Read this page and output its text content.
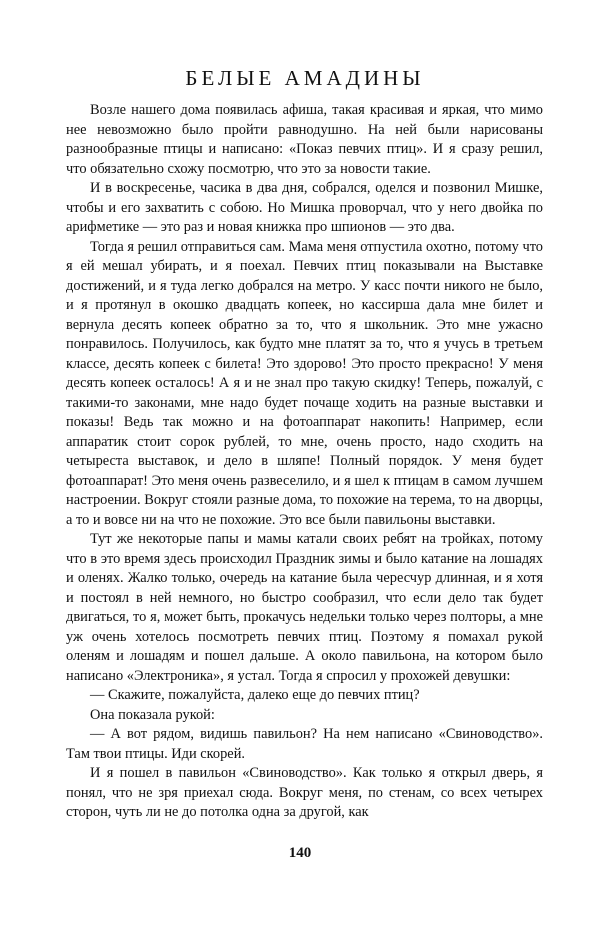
БЕЛЫЕ АМАДИНЫ

Возле нашего дома появилась афиша, такая красивая и яркая, что мимо нее невозможно было пройти равнодушно. На ней были нарисованы разнообразные птицы и написано: «Показ певчих птиц». И я сразу решил, что обязательно схожу посмотрю, что это за новости такие.

И в воскресенье, часика в два дня, собрался, оделся и позвонил Мишке, чтобы и его захватить с собою. Но Мишка проворчал, что у него двойка по арифметике — это раз и новая книжка про шпионов — это два.

Тогда я решил отправиться сам. Мама меня отпустила охотно, потому что я ей мешал убирать, и я поехал. Певчих птиц показывали на Выставке достижений, и я туда легко добрался на метро. У касс почти никого не было, и я протянул в окошко двадцать копеек, но кассирша дала мне билет и вернула десять копеек обратно за то, что я школьник. Это мне ужасно понравилось. Получилось, как будто мне платят за то, что я учусь в третьем классе, десять копеек с билета! Это здорово! Это просто прекрасно! У меня десять копеек осталось! А я и не знал про такую скидку! Теперь, пожалуй, с такими-то законами, мне надо будет почаще ходить на разные выставки и показы! Ведь так можно и на фотоаппарат накопить! Например, если аппаратик стоит сорок рублей, то мне, очень просто, надо сходить на четыреста выставок, и дело в шляпе! Полный порядок. У меня будет фотоаппарат! Это меня очень развеселило, и я шел к птицам в самом лучшем настроении. Вокруг стояли разные дома, то похожие на терема, то на дворцы, а то и вовсе ни на что не похожие. Это все были павильоны выставки.

Тут же некоторые папы и мамы катали своих ребят на тройках, потому что в это время здесь происходил Праздник зимы и было катание на лошадях и оленях. Жалко только, очередь на катание была чересчур длинная, и я хотя и постоял в ней немного, но быстро сообразил, что если дело так будет двигаться, то я, может быть, прокачусь недельки только через полторы, а мне уж очень хотелось посмотреть певчих птиц. Поэтому я помахал рукой оленям и лошадям и пошел дальше. А около павильона, на котором было написано «Электроника», я устал. Тогда я спросил у прохожей девушки:

— Скажите, пожалуйста, далеко еще до певчих птиц?

Она показала рукой:

— А вот рядом, видишь павильон? На нем написано «Свиноводство». Там твои птицы. Иди скорей.

И я пошел в павильон «Свиноводство». Как только я открыл дверь, я понял, что не зря приехал сюда. Вокруг меня, по стенам, со всех четырех сторон, чуть ли не до потолка одна за другой, как

140
